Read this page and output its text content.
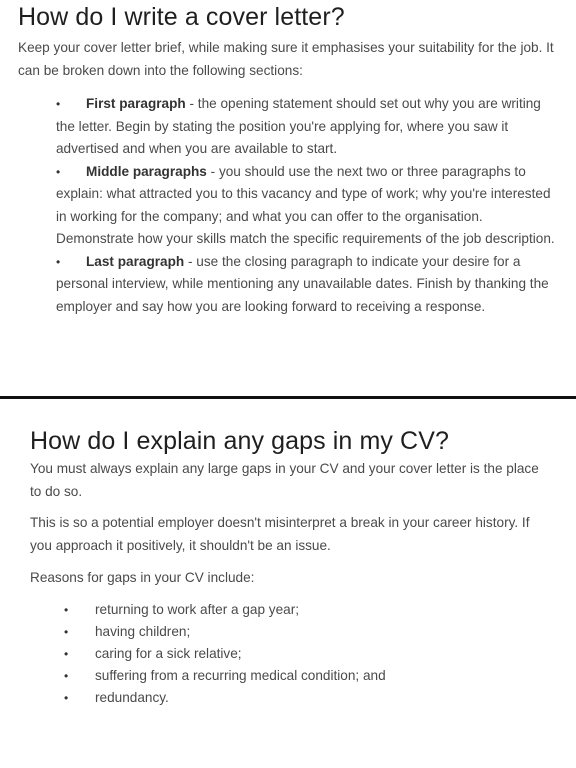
How do I write a cover letter?

Keep your cover letter brief, while making sure it emphasises your suitability for the job. It can be broken down into the following sections:

• First paragraph - the opening statement should set out why you are writing the letter. Begin by stating the position you're applying for, where you saw it advertised and when you are available to start.
• Middle paragraphs - you should use the next two or three paragraphs to explain: what attracted you to this vacancy and type of work; why you're interested in working for the company; and what you can offer to the organisation. Demonstrate how your skills match the specific requirements of the job description.
• Last paragraph - use the closing paragraph to indicate your desire for a personal interview, while mentioning any unavailable dates. Finish by thanking the employer and say how you are looking forward to receiving a response.
How do I explain any gaps in my CV?

You must always explain any large gaps in your CV and your cover letter is the place to do so.

This is so a potential employer doesn't misinterpret a break in your career history. If you approach it positively, it shouldn't be an issue.

Reasons for gaps in your CV include:

• returning to work after a gap year;
• having children;
• caring for a sick relative;
• suffering from a recurring medical condition; and
• redundancy.
